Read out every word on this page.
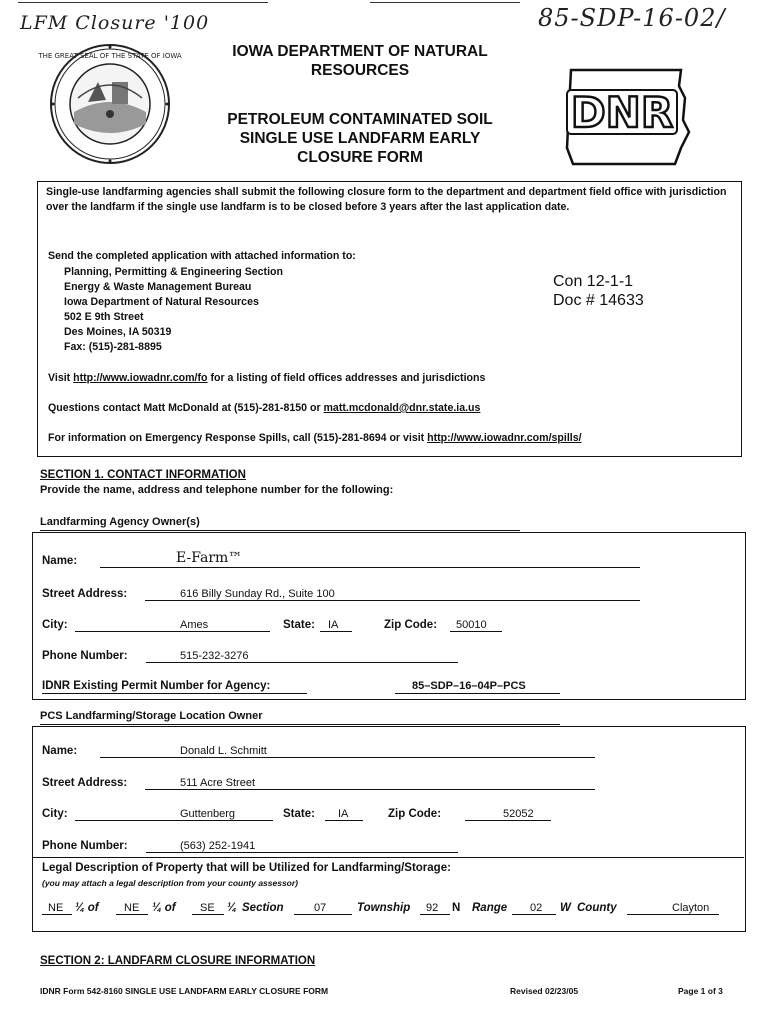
LFM Closure '100	85-SDP-16-02/
THE GREAT SEAL OF THE STATE OF IOWA	IOWA DEPARTMENT OF NATURAL
RESOURCES
PETROLEUM CONTAMINATED SOIL
SINGLE USE LANDFARM EARLY
CLOSURE FORM
DNR
Single-use landfarming agencies shall submit the following closure form to the department and department field office with jurisdiction over the landfarm if the single use landfarm is to be closed before 3 years after the last application date.
Send the completed application with attached information to:
Planning, Permitting & Engineering Section
Energy & Waste Management Bureau
Iowa Department of Natural Resources
502 E 9th Street
Des Moines, IA 50319
Fax: (515)-281-8895
Con 12-1-1
Doc # 14633
Visit http://www.iowadnr.com/fo for a listing of field offices addresses and jurisdictions
Questions contact Matt McDonald at (515)-281-8150 or matt.mcdonald@dnr.state.ia.us
For information on Emergency Response Spills, call (515)-281-8694 or visit http://www.iowadnr.com/spills/
SECTION 1. CONTACT INFORMATION
Provide the name, address and telephone number for the following:
Landfarming Agency Owner(s)
Name:	E-Farm™
Street Address:	616 Billy Sunday Rd., Suite 100
City:	Ames	State: IA	Zip Code: 50010
Phone Number:	515-232-3276
IDNR Existing Permit Number for Agency:	85–SDP–16–04P–PCS
PCS Landfarming/Storage Location Owner
Name:	Donald L. Schmitt
Street Address:	511 Acre Street
City:	Guttenberg	State: IA	Zip Code:	52052
Phone Number:	(563) 252-1941
Legal Description of Property that will be Utilized for Landfarming/Storage:
(you may attach a legal description from your county assessor)
NE ¼ of NE ¼ of SE ¼ Section	07	Township 92 N Range 02 W County	Clayton
SECTION 2: LANDFARM CLOSURE INFORMATION
IDNR Form 542-8160 SINGLE USE LANDFARM EARLY CLOSURE FORM	Revised 02/23/05	Page 1 of 3
